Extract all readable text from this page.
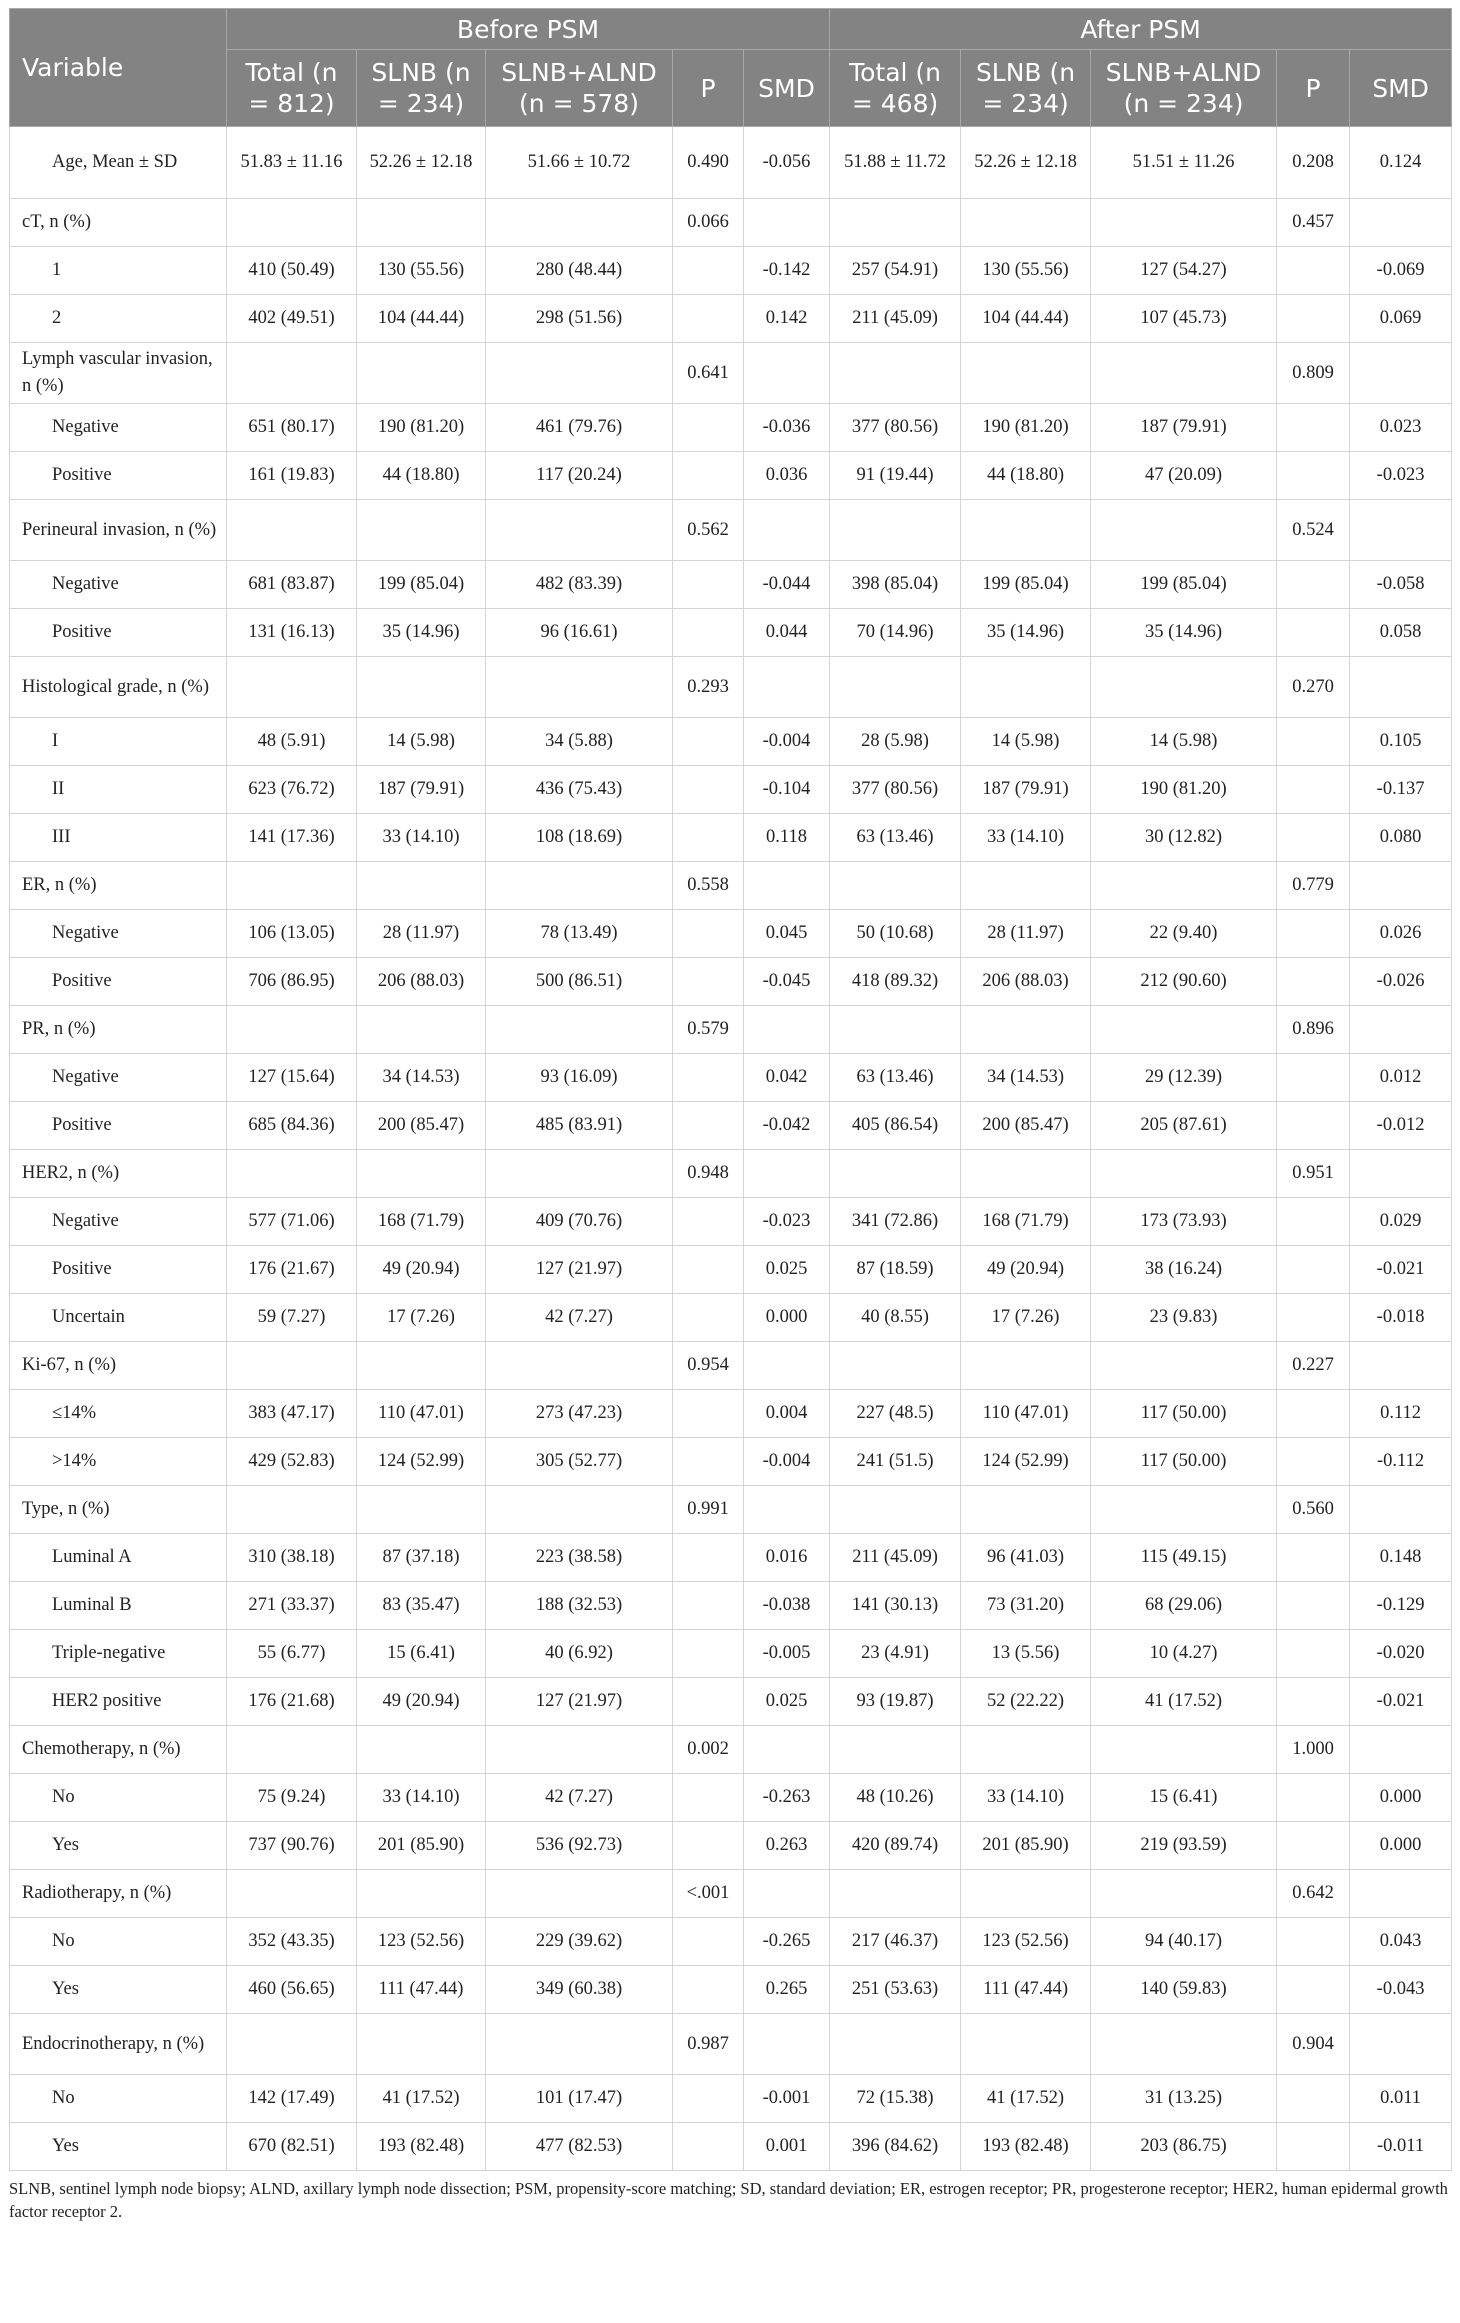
Variable	Before PSM					After PSM				
	Total (n = 812)	SLNB (n = 234)	SLNB+ALND (n = 578)	P	SMD	Total (n = 468)	SLNB (n = 234)	SLNB+ALND (n = 234)	P	SMD
Age, Mean ± SD	51.83 ± 11.16	52.26 ± 12.18	51.66 ± 10.72	0.490	-0.056	51.88 ± 11.72	52.26 ± 12.18	51.51 ± 11.26	0.208	0.124
cT, n (%)				0.066					0.457	
1	410 (50.49)	130 (55.56)	280 (48.44)		-0.142	257 (54.91)	130 (55.56)	127 (54.27)		-0.069
2	402 (49.51)	104 (44.44)	298 (51.56)		0.142	211 (45.09)	104 (44.44)	107 (45.73)		0.069
Lymph vascular invasion, n (%)				0.641					0.809	
Negative	651 (80.17)	190 (81.20)	461 (79.76)		-0.036	377 (80.56)	190 (81.20)	187 (79.91)		0.023
Positive	161 (19.83)	44 (18.80)	117 (20.24)		0.036	91 (19.44)	44 (18.80)	47 (20.09)		-0.023
Perineural invasion, n (%)				0.562					0.524	
Negative	681 (83.87)	199 (85.04)	482 (83.39)		-0.044	398 (85.04)	199 (85.04)	199 (85.04)		-0.058
Positive	131 (16.13)	35 (14.96)	96 (16.61)		0.044	70 (14.96)	35 (14.96)	35 (14.96)		0.058
Histological grade, n (%)				0.293					0.270	
I	48 (5.91)	14 (5.98)	34 (5.88)		-0.004	28 (5.98)	14 (5.98)	14 (5.98)		0.105
II	623 (76.72)	187 (79.91)	436 (75.43)		-0.104	377 (80.56)	187 (79.91)	190 (81.20)		-0.137
III	141 (17.36)	33 (14.10)	108 (18.69)		0.118	63 (13.46)	33 (14.10)	30 (12.82)		0.080
ER, n (%)				0.558					0.779	
Negative	106 (13.05)	28 (11.97)	78 (13.49)		0.045	50 (10.68)	28 (11.97)	22 (9.40)		0.026
Positive	706 (86.95)	206 (88.03)	500 (86.51)		-0.045	418 (89.32)	206 (88.03)	212 (90.60)		-0.026
PR, n (%)				0.579					0.896	
Negative	127 (15.64)	34 (14.53)	93 (16.09)		0.042	63 (13.46)	34 (14.53)	29 (12.39)		0.012
Positive	685 (84.36)	200 (85.47)	485 (83.91)		-0.042	405 (86.54)	200 (85.47)	205 (87.61)		-0.012
HER2, n (%)				0.948					0.951	
Negative	577 (71.06)	168 (71.79)	409 (70.76)		-0.023	341 (72.86)	168 (71.79)	173 (73.93)		0.029
Positive	176 (21.67)	49 (20.94)	127 (21.97)		0.025	87 (18.59)	49 (20.94)	38 (16.24)		-0.021
Uncertain	59 (7.27)	17 (7.26)	42 (7.27)		0.000	40 (8.55)	17 (7.26)	23 (9.83)		-0.018
Ki-67, n (%)				0.954					0.227	
≤14%	383 (47.17)	110 (47.01)	273 (47.23)		0.004	227 (48.5)	110 (47.01)	117 (50.00)		0.112
>14%	429 (52.83)	124 (52.99)	305 (52.77)		-0.004	241 (51.5)	124 (52.99)	117 (50.00)		-0.112
Type, n (%)				0.991					0.560	
Luminal A	310 (38.18)	87 (37.18)	223 (38.58)		0.016	211 (45.09)	96 (41.03)	115 (49.15)		0.148
Luminal B	271 (33.37)	83 (35.47)	188 (32.53)		-0.038	141 (30.13)	73 (31.20)	68 (29.06)		-0.129
Triple-negative	55 (6.77)	15 (6.41)	40 (6.92)		-0.005	23 (4.91)	13 (5.56)	10 (4.27)		-0.020
HER2 positive	176 (21.68)	49 (20.94)	127 (21.97)		0.025	93 (19.87)	52 (22.22)	41 (17.52)		-0.021
Chemotherapy, n (%)				0.002					1.000	
No	75 (9.24)	33 (14.10)	42 (7.27)		-0.263	48 (10.26)	33 (14.10)	15 (6.41)		0.000
Yes	737 (90.76)	201 (85.90)	536 (92.73)		0.263	420 (89.74)	201 (85.90)	219 (93.59)		0.000
Radiotherapy, n (%)				<.001					0.642	
No	352 (43.35)	123 (52.56)	229 (39.62)		-0.265	217 (46.37)	123 (52.56)	94 (40.17)		0.043
Yes	460 (56.65)	111 (47.44)	349 (60.38)		0.265	251 (53.63)	111 (47.44)	140 (59.83)		-0.043
Endocrinotherapy, n (%)				0.987					0.904	
No	142 (17.49)	41 (17.52)	101 (17.47)		-0.001	72 (15.38)	41 (17.52)	31 (13.25)		0.011
Yes	670 (82.51)	193 (82.48)	477 (82.53)		0.001	396 (84.62)	193 (82.48)	203 (86.75)		-0.011
SLNB, sentinel lymph node biopsy; ALND, axillary lymph node dissection; PSM, propensity-score matching; SD, standard deviation; ER, estrogen receptor; PR, progesterone receptor; HER2, human epidermal growth factor receptor 2.
